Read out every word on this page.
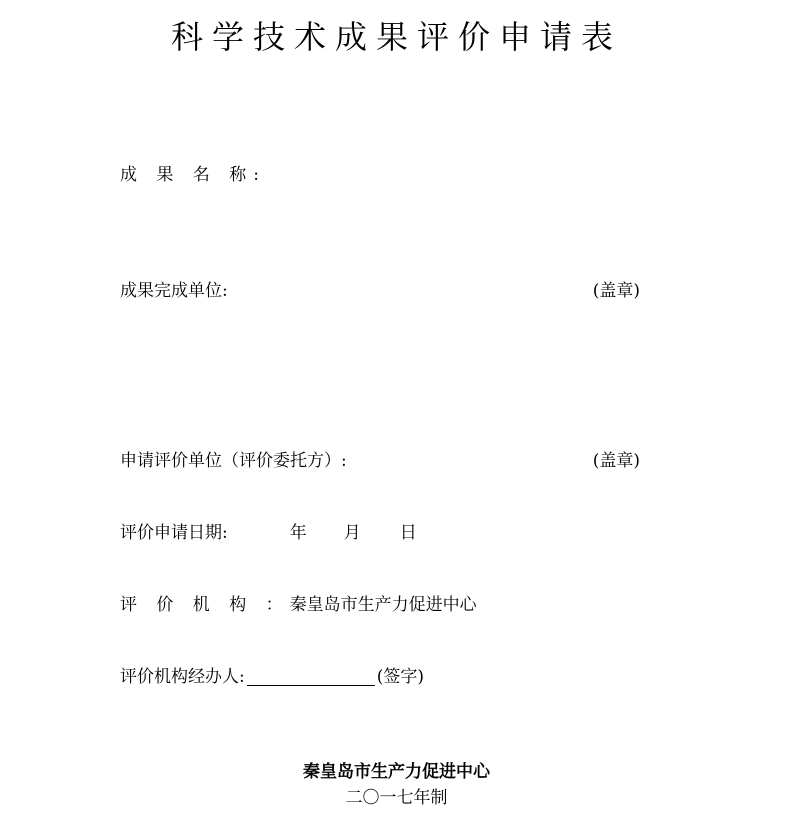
科学技术成果评价申请表
成 果 名 称:
成果完成单位:	(盖章)
申请评价单位（评价委托方）:	(盖章)
评价申请日期:	年 月 日
评 价 机 构 ：秦皇岛市生产力促进中心
评价机构经办人:	(签字)
秦皇岛市生产力促进中心
二〇一七年制
